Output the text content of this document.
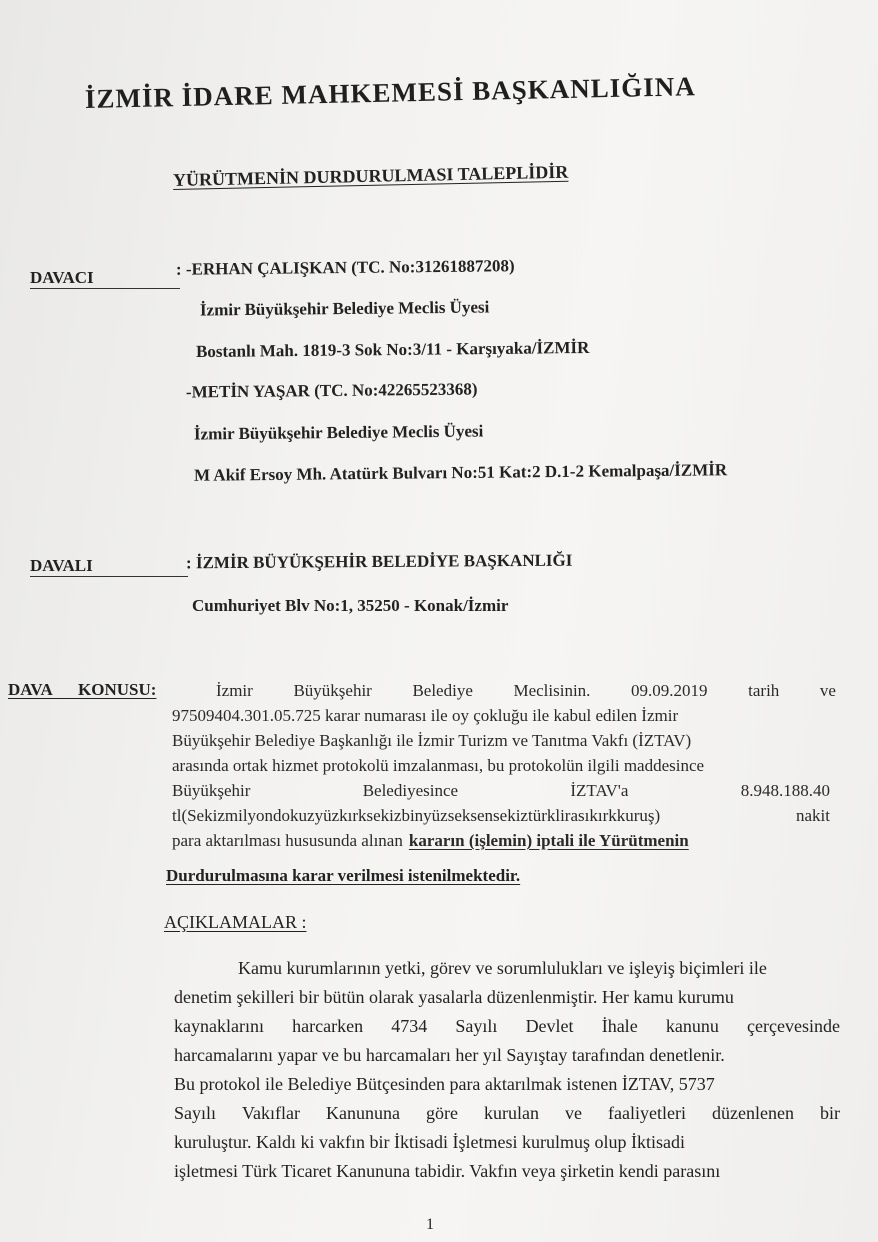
İZMİR İDARE MAHKEMESİ BAŞKANLIĞINA
YÜRÜTMENİN DURDURULMASI TALEPLİDİR
DAVACI	: -ERHAN ÇALIŞKAN (TC. No:31261887208)
İzmir Büyükşehir Belediye Meclis Üyesi
Bostanlı Mah. 1819-3 Sok No:3/11 - Karşıyaka/İZMİR
-METİN YAŞAR (TC. No:42265523368)
İzmir Büyükşehir Belediye Meclis Üyesi
M Akif Ersoy Mh. Atatürk Bulvarı No:51 Kat:2 D.1-2 Kemalpaşa/İZMİR
DAVALI	: İZMİR BÜYÜKŞEHİR BELEDİYE BAŞKANLIĞI
Cumhuriyet Blv No:1, 35250 - Konak/İzmir
DAVA KONUSU:	İzmir Büyükşehir Belediye Meclisinin. 09.09.2019 tarih ve
97509404.301.05.725 karar numarası ile oy çokluğu ile kabul edilen İzmir
Büyükşehir Belediye Başkanlığı ile İzmir Turizm ve Tanıtma Vakfı (İZTAV)
arasında ortak hizmet protokolü imzalanması, bu protokolün ilgili maddesince
Büyükşehir	Belediyesince	İZTAV'a	8.948.188.40
tl(Sekizmilyondokuzyüzkırksekizbinyüzseksensekiztürklirasıkırkkuruş)	nakit
para aktarılması hususunda alınan kararın (işlemin) iptali ile Yürütmenin
Durdurulmasına karar verilmesi istenilmektedir.
AÇIKLAMALAR :
Kamu kurumlarının yetki, görev ve sorumlulukları ve işleyiş biçimleri ile
denetim şekilleri bir bütün olarak yasalarla düzenlenmiştir. Her kamu kurumu
kaynaklarını harcarken 4734 Sayılı Devlet İhale kanunu çerçevesinde
harcamalarını yapar ve bu harcamaları her yıl Sayıştay tarafından denetlenir.
Bu protokol ile Belediye Bütçesinden para aktarılmak istenen İZTAV, 5737
Sayılı Vakıflar Kanununa göre kurulan ve faaliyetleri düzenlenen bir
kuruluştur. Kaldı ki vakfın bir İktisadi İşletmesi kurulmuş olup İktisadi
işletmesi Türk Ticaret Kanununa tabidir. Vakfın veya şirketin kendi parasını
1
